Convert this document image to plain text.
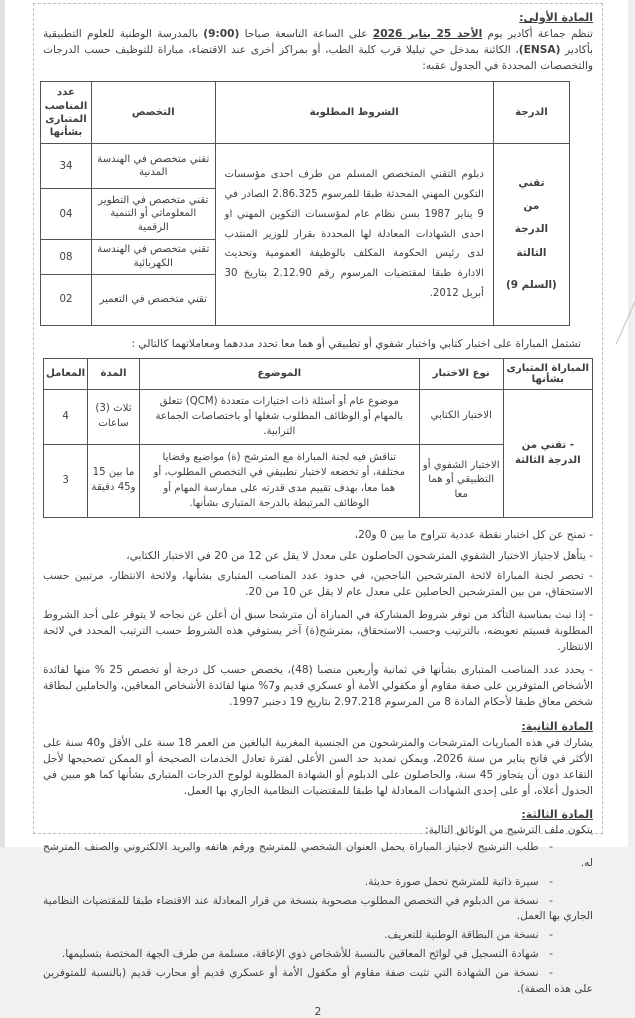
المادة الأولى:

تنظم جماعة أكادير يوم الأحد 25 يناير 2026 على الساعة التاسعة صباحا (9:00) بالمدرسة الوطنية للعلوم التطبيقية بأكادير (ENSA)، الكائنة بمدخل حي تيليلا قرب كلية الطب، أو بمراكز أخرى عند الاقتضاء، مباراة للتوظيف حسب الدرجات والتخصصات المحددة في الجدول عقبه:

الدرجة	الشروط المطلوبة	التخصص	عدد المناصب المتبارى بشأنها

تقني
من
الدرجة
الثالثة
(السلم 9)
	دبلوم التقني المتخصص المسلم من طرف احدى مؤسسات التكوين المهني المحدثة طبقا للمرسوم 2.86.325 الصادر في 9 يناير 1987 بسن نظام عام لمؤسسات التكوين المهني او احدى الشهادات المعادلة لها المحددة بقرار للوزير المنتدب لدى رئيس الحكومة المكلف بالوظيفة العمومية وتحديث الادارة طبقا لمقتضيات المرسوم رقم 2.12.90 بتاريخ 30 أبريل 2012.	تقني متخصص في الهندسة المدنية	34
		تقني متخصص في التطوير المعلوماتي أو التنمية الرقمية	04
		تقني متخصص في الهندسة الكهربائية	08
		تقني متخصص في التعمير	02

تشتمل المباراة على اختبار كتابي واختبار شفوي أو تطبيقي أو هما معا تحدد مددهما ومعاملاتهما كالتالي :

المباراة المتبارى بشأنها	نوع الاختبار	الموضوع	المدة	المعامل
- تقني من الدرجة الثالثة	الاختبار الكتابي	موضوع عام أو أسئلة ذات اختيارات متعددة (QCM) تتعلق بالمهام أو الوظائف المطلوب شغلها أو باختصاصات الجماعة الترابية.	ثلاث (3) ساعات	4
	الاختبار الشفوي أو التطبيقي أو هما معا	تناقش فيه لجنة المباراة مع المترشح (ة) مواضيع وقضايا مختلفة، أو تخضعه لاختبار تطبيقي في التخصص المطلوب، أو هما معا، بهدف تقييم مدى قدرته على ممارسة المهام أو الوظائف المرتبطة بالدرجة المتبارى بشأنها.	ما بين 15 و45 دقيقة	3
- تمنح عن كل اختبار نقطة عددية تتراوح ما بين 0 و20،
- يتأهل لاجتياز الاختبار الشفوي المترشحون الحاصلون على معدل لا يقل عن 12 من 20 في الاختبار الكتابي،
- تحصر لجنة المباراة لائحة المترشحين الناجحين، في حدود عدد المناصب المتبارى بشأنها، ولائحة الانتظار، مرتبين حسب الاستحقاق، من بين المترشحين الحاصلين على معدل عام لا يقل عن 10 من 20.
- إذا تبث بمناسبة التأكد من توفر شروط المشاركة في المباراة أن مترشحا سبق أن أعلن عن نجاحه لا يتوفر على أحد الشروط المطلوبة فسيتم تعويضه، بالترتيب وحسب الاستحقاق، بمترشح(ة) آخر يستوفي هذه الشروط حسب الترتيب المحدد في لائحة الانتظار.
- يحدد عدد المناصب المتبارى بشأنها في ثمانية وأربعين منصبا (48)، يخصص حسب كل درجة أو تخصص 25 % منها لفائدة الأشخاص المتوفرين على صفة مقاوم أو مكفولي الأمة أو عسكري قديم و7% منها لفائدة الأشخاص المعاقين، والحاملين لبطاقة شخص معاق طبقا لأحكام المادة 8 من المرسوم 2.97.218 بتاريخ 19 دجنبر 1997.
المادة الثانية:

يشارك في هذه المباريات المترشحات والمترشحون من الجنسية المغربية البالغين من العمر 18 سنة على الأقل و40 سنة على الأكثر في فاتح يناير من سنة 2026، ويمكن تمديد حد السن الأعلى لفترة تعادل الخدمات الصحيحة أو الممكن تصحيحها لأجل التقاعد دون أن يتجاوز 45 سنة، والحاصلون على الدبلوم أو الشهادة المطلوبة لولوج الدرجات المتبارى بشأنها كما هو مبين في الجدول أعلاه، أو على إحدى الشهادات المعادلة لها طبقا للمقتضيات النظامية الجاري بها العمل.

المادة الثالثة:
يتكون ملف الترشيح من الوثائق التالية:
-  طلب الترشيح لاجتياز المباراة يحمل العنوان الشخصي للمترشح ورقم هاتفه والبريد الالكتروني والصنف المترشح له.
-  سيرة ذاتية للمترشح تحمل صورة حديثة.
-  نسخة من الدبلوم في التخصص المطلوب مصحوبة بنسخة من قرار المعادلة عند الاقتضاء طبقا للمقتضيات النظامية الجاري بها العمل.
-  نسخة من البطاقة الوطنية للتعريف.
-  شهادة التسجيل في لوائح المعاقين بالنسبة للأشخاص ذوي الإعاقة، مسلمة من طرف الجهة المختصة بتسليمها.
-  نسخة من الشهادة التي تثبت صفة مقاوم أو مكفول الأمة أو عسكري قديم أو محارب قديم (بالنسبة للمتوفرين على هذه الصفة).
2
